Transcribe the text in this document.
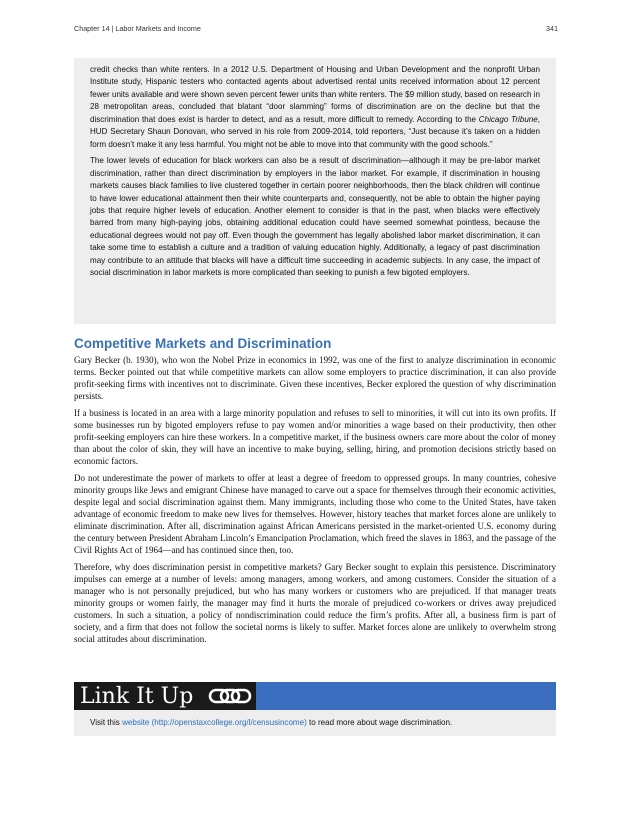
Chapter 14 | Labor Markets and Income	341

credit checks than white renters. In a 2012 U.S. Department of Housing and Urban Development and the nonprofit Urban Institute study, Hispanic testers who contacted agents about advertised rental units received information about 12 percent fewer units available and were shown seven percent fewer units than white renters. The $9 million study, based on research in 28 metropolitan areas, concluded that blatant “door slamming” forms of discrimination are on the decline but that the discrimination that does exist is harder to detect, and as a result, more difficult to remedy. According to the Chicago Tribune, HUD Secretary Shaun Donovan, who served in his role from 2009-2014, told reporters, “Just because it’s taken on a hidden form doesn’t make it any less harmful. You might not be able to move into that community with the good schools.”

The lower levels of education for black workers can also be a result of discrimination—although it may be pre-labor market discrimination, rather than direct discrimination by employers in the labor market. For example, if discrimination in housing markets causes black families to live clustered together in certain poorer neighborhoods, then the black children will continue to have lower educational attainment then their white counterparts and, consequently, not be able to obtain the higher paying jobs that require higher levels of education. Another element to consider is that in the past, when blacks were effectively barred from many high-paying jobs, obtaining additional education could have seemed somewhat pointless, because the educational degrees would not pay off. Even though the government has legally abolished labor market discrimination, it can take some time to establish a culture and a tradition of valuing education highly. Additionally, a legacy of past discrimination may contribute to an attitude that blacks will have a difficult time succeeding in academic subjects. In any case, the impact of social discrimination in labor markets is more complicated than seeking to punish a few bigoted employers.

Competitive Markets and Discrimination

Gary Becker (b. 1930), who won the Nobel Prize in economics in 1992, was one of the first to analyze discrimination in economic terms. Becker pointed out that while competitive markets can allow some employers to practice discrimination, it can also provide profit-seeking firms with incentives not to discriminate. Given these incentives, Becker explored the question of why discrimination persists.

If a business is located in an area with a large minority population and refuses to sell to minorities, it will cut into its own profits. If some businesses run by bigoted employers refuse to pay women and/or minorities a wage based on their productivity, then other profit-seeking employers can hire these workers. In a competitive market, if the business owners care more about the color of money than about the color of skin, they will have an incentive to make buying, selling, hiring, and promotion decisions strictly based on economic factors.

Do not underestimate the power of markets to offer at least a degree of freedom to oppressed groups. In many countries, cohesive minority groups like Jews and emigrant Chinese have managed to carve out a space for themselves through their economic activities, despite legal and social discrimination against them. Many immigrants, including those who come to the United States, have taken advantage of economic freedom to make new lives for themselves. However, history teaches that market forces alone are unlikely to eliminate discrimination. After all, discrimination against African Americans persisted in the market-oriented U.S. economy during the century between President Abraham Lincoln’s Emancipation Proclamation, which freed the slaves in 1863, and the passage of the Civil Rights Act of 1964—and has continued since then, too.

Therefore, why does discrimination persist in competitive markets? Gary Becker sought to explain this persistence. Discriminatory impulses can emerge at a number of levels: among managers, among workers, and among customers. Consider the situation of a manager who is not personally prejudiced, but who has many workers or customers who are prejudiced. If that manager treats minority groups or women fairly, the manager may find it hurts the morale of prejudiced co-workers or drives away prejudiced customers. In such a situation, a policy of nondiscrimination could reduce the firm’s profits. After all, a business firm is part of society, and a firm that does not follow the societal norms is likely to suffer. Market forces alone are unlikely to overwhelm strong social attitudes about discrimination.

Link It Up
Visit this website (http://openstaxcollege.org/l/censusincome) to read more about wage discrimination.
